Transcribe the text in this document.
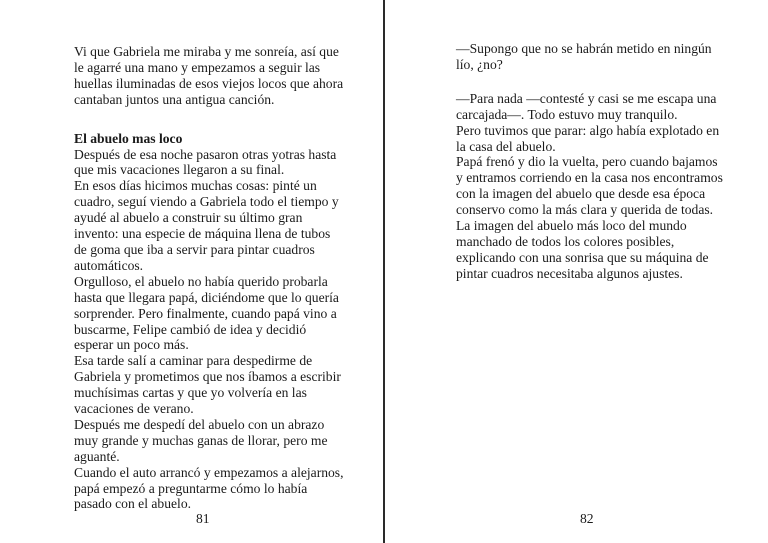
Vi que Gabriela me miraba y me sonreía, así que le agarré una mano y empezamos a seguir las huellas iluminadas de esos viejos locos que ahora cantaban juntos una antigua canción.

El abuelo mas loco

Después de esa noche pasaron otras yotras hasta que mis vacaciones llegaron a su final.

En esos días hicimos muchas cosas: pinté un cuadro, seguí viendo a Gabriela todo el tiempo y ayudé al abuelo a construir su último gran invento: una especie de máquina llena de tubos de goma que iba a servir para pintar cuadros automáticos.

Orgulloso, el abuelo no había querido probarla hasta que llegara papá, diciéndome que lo quería sorprender. Pero finalmente, cuando papá vino a buscarme, Felipe cambió de idea y decidió esperar un poco más.

Esa tarde salí a caminar para despedirme de Gabriela y prometimos que nos íbamos a escribir muchísimas cartas y que yo volvería en las vacaciones de verano.

Después me despedí del abuelo con un abrazo muy grande y muchas ganas de llorar, pero me aguanté.

Cuando el auto arrancó y empezamos a alejarnos, papá empezó a preguntarme cómo lo había pasado con el abuelo.

81

—Supongo que no se habrán metido en ningún lío, ¿no?

—Para nada —contesté y casi se me escapa una carcajada—. Todo estuvo muy tranquilo.

Pero tuvimos que parar: algo había explotado en la casa del abuelo.

Papá frenó y dio la vuelta, pero cuando bajamos y entramos corriendo en la casa nos encontramos con la imagen del abuelo que desde esa época conservo como la más clara y querida de todas.

La imagen del abuelo más loco del mundo manchado de todos los colores posibles, explicando con una sonrisa que su máquina de pintar cuadros necesitaba algunos ajustes.

82
